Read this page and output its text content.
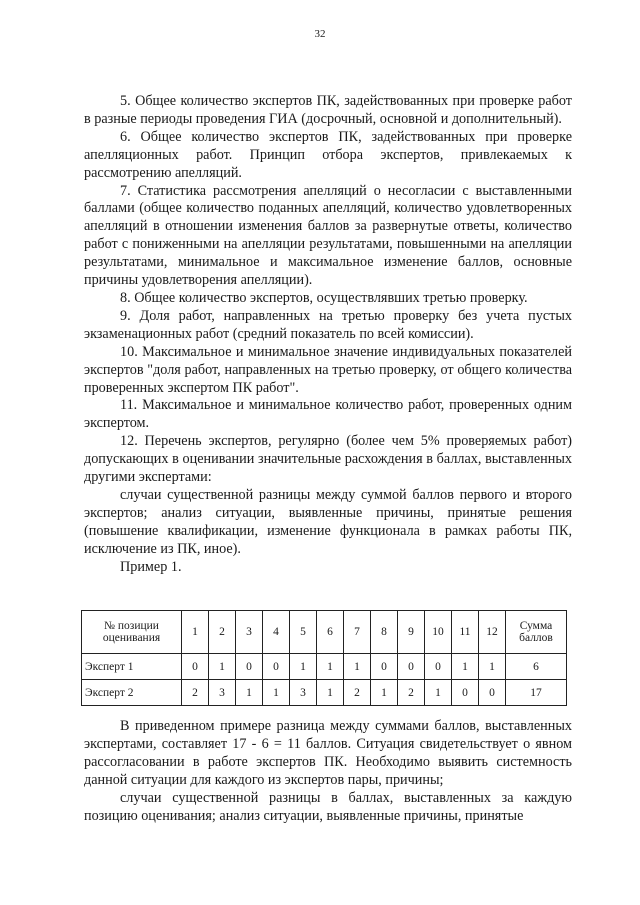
32

5. Общее количество экспертов ПК, задействованных при проверке работ в разные периоды проведения ГИА (досрочный, основной и дополнительный).

6. Общее количество экспертов ПК, задействованных при проверке апелляционных работ. Принцип отбора экспертов, привлекаемых к рассмотрению апелляций.

7. Статистика рассмотрения апелляций о несогласии с выставленными баллами (общее количество поданных апелляций, количество удовлетворенных апелляций в отношении изменения баллов за развернутые ответы, количество работ с пониженными на апелляции результатами, повышенными на апелляции результатами, минимальное и максимальное изменение баллов, основные причины удовлетворения апелляции).

8. Общее количество экспертов, осуществлявших третью проверку.

9. Доля работ, направленных на третью проверку без учета пустых экзаменационных работ (средний показатель по всей комиссии).

10. Максимальное и минимальное значение индивидуальных показателей экспертов "доля работ, направленных на третью проверку, от общего количества проверенных экспертом ПК работ".

11. Максимальное и минимальное количество работ, проверенных одним экспертом.

12. Перечень экспертов, регулярно (более чем 5% проверяемых работ) допускающих в оценивании значительные расхождения в баллах, выставленных другими экспертами:

случаи существенной разницы между суммой баллов первого и второго экспертов; анализ ситуации, выявленные причины, принятые решения (повышение квалификации, изменение функционала в рамках работы ПК, исключение из ПК, иное).

Пример 1.

№ позиции оценивания	1	2	3	4	5	6	7	8	9	10	11	12	Сумма баллов
Эксперт 1	0	1	0	0	1	1	1	0	0	0	1	1	6
Эксперт 2	2	3	1	1	3	1	2	1	2	1	0	0	17

В приведенном примере разница между суммами баллов, выставленных экспертами, составляет 17 - 6 = 11 баллов. Ситуация свидетельствует о явном рассогласовании в работе экспертов ПК. Необходимо выявить системность данной ситуации для каждого из экспертов пары, причины;

случаи существенной разницы в баллах, выставленных за каждую позицию оценивания; анализ ситуации, выявленные причины, принятые
